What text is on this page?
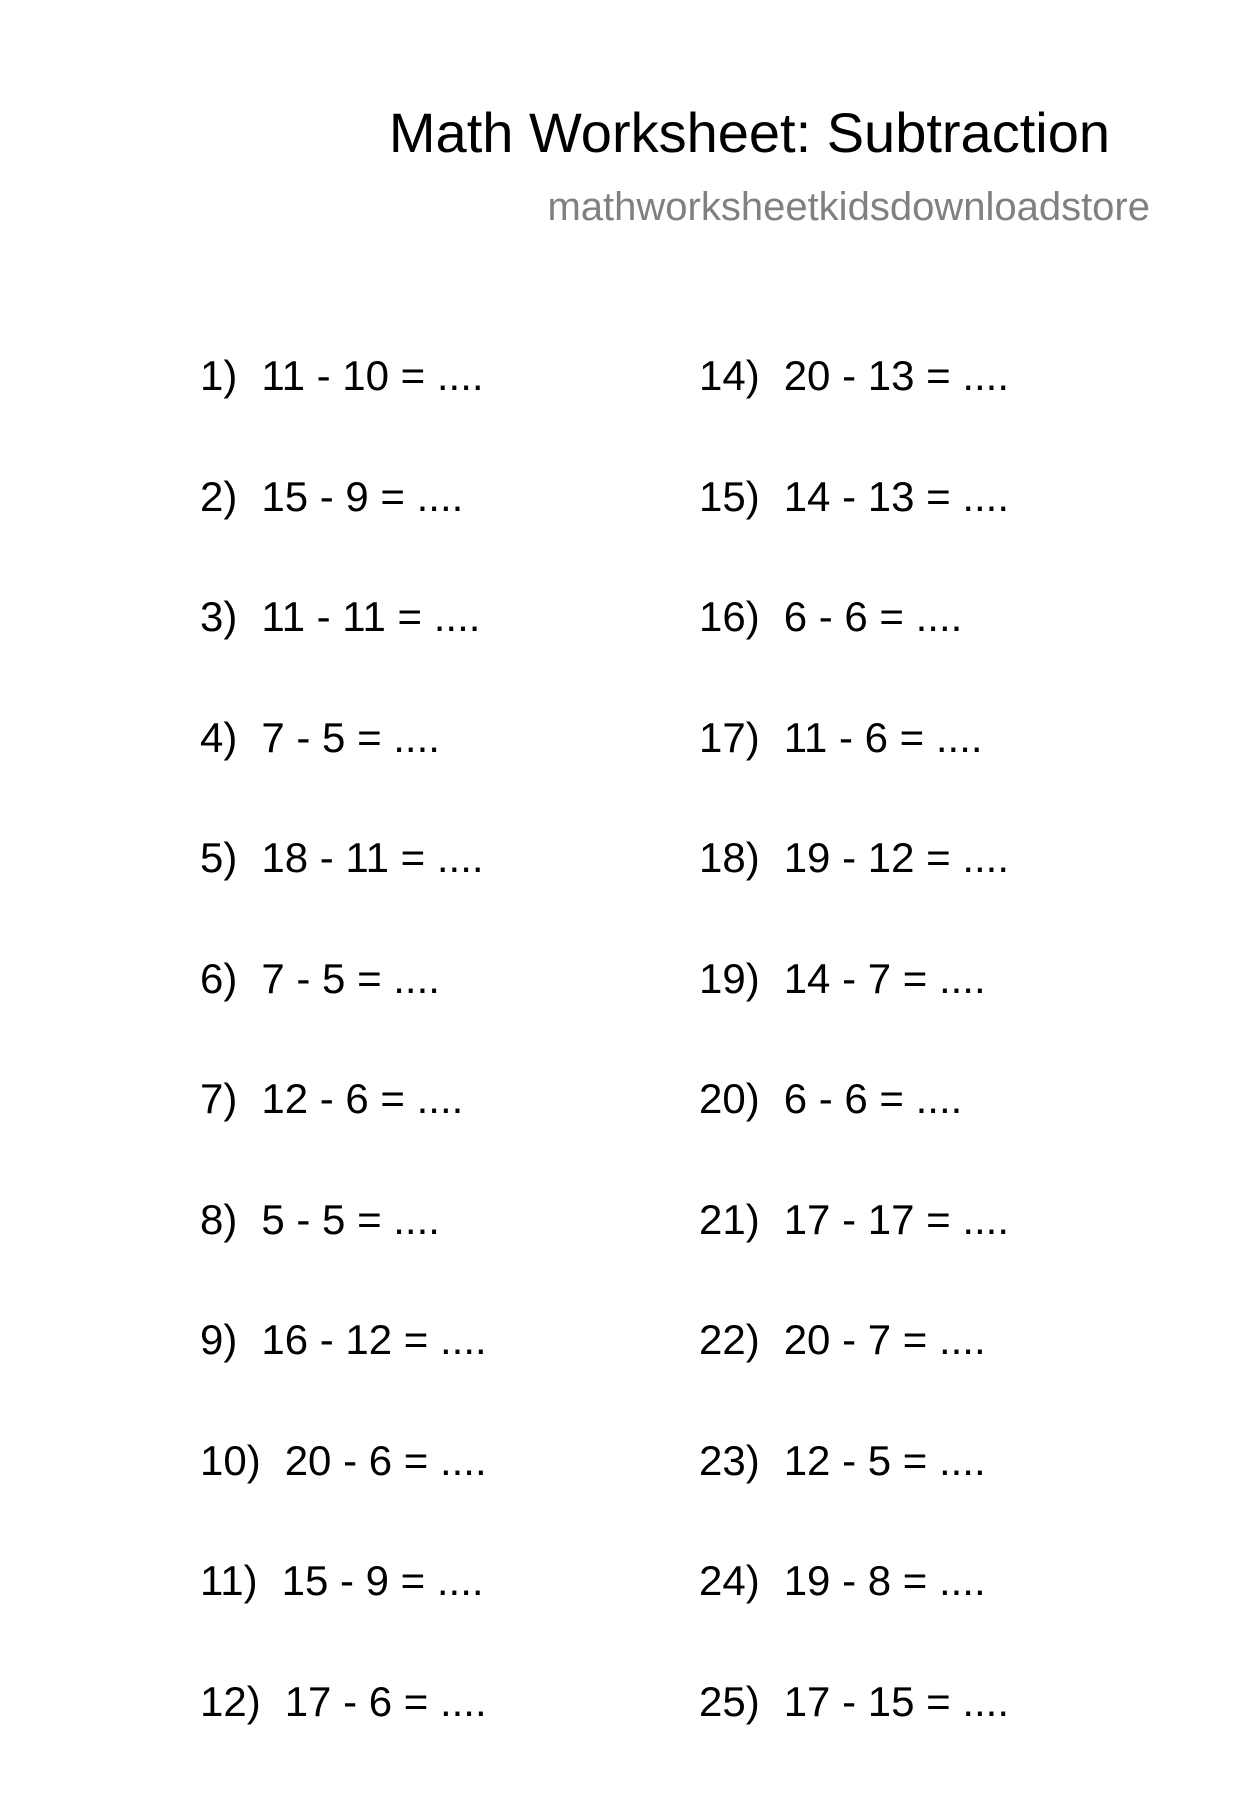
Math Worksheet: Subtraction
mathworksheetkidsdownloadstore
1) 11 - 10 = ....
2) 15 - 9 = ....
3) 11 - 11 = ....
4) 7 - 5 = ....
5) 18 - 11 = ....
6) 7 - 5 = ....
7) 12 - 6 = ....
8) 5 - 5 = ....
9) 16 - 12 = ....
10) 20 - 6 = ....
11) 15 - 9 = ....
12) 17 - 6 = ....
14) 20 - 13 = ....
15) 14 - 13 = ....
16) 6 - 6 = ....
17) 11 - 6 = ....
18) 19 - 12 = ....
19) 14 - 7 = ....
20) 6 - 6 = ....
21) 17 - 17 = ....
22) 20 - 7 = ....
23) 12 - 5 = ....
24) 19 - 8 = ....
25) 17 - 15 = ....
